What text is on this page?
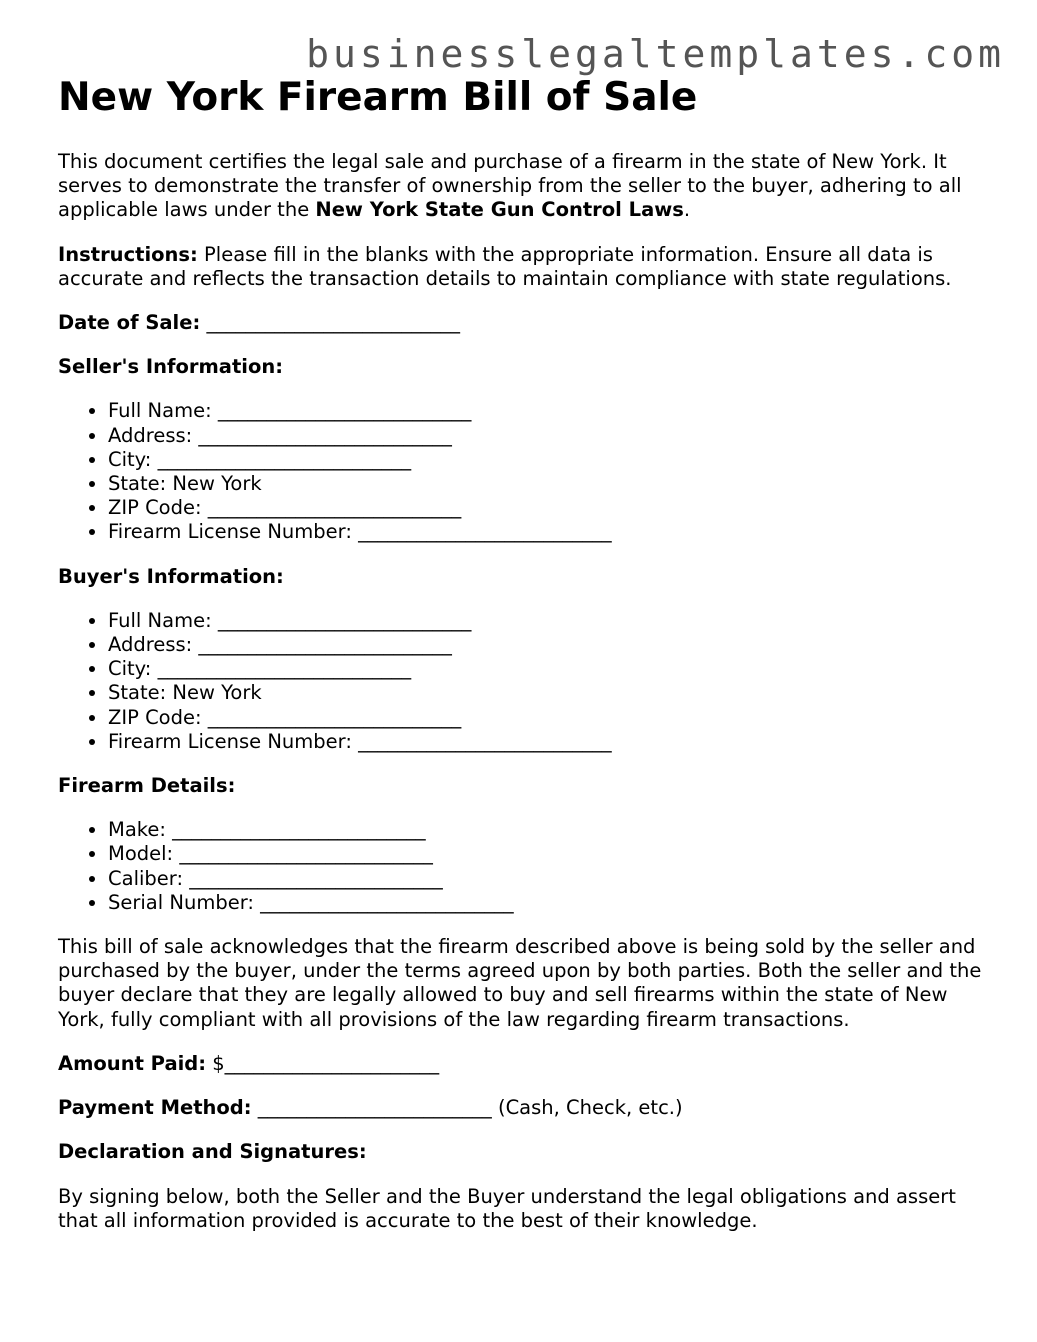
businesslegaltemplates.com
New York Firearm Bill of Sale

This document certifies the legal sale and purchase of a firearm in the state of New York. It serves to demonstrate the transfer of ownership from the seller to the buyer, adhering to all applicable laws under the New York State Gun Control Laws.

Instructions: Please fill in the blanks with the appropriate information. Ensure all data is accurate and reflects the transaction details to maintain compliance with state regulations.

Date of Sale: __________________________

Seller's Information:

• Full Name: __________________________
• Address: __________________________
• City: __________________________
• State: New York
• ZIP Code: __________________________
• Firearm License Number: __________________________

Buyer's Information:

• Full Name: __________________________
• Address: __________________________
• City: __________________________
• State: New York
• ZIP Code: __________________________
• Firearm License Number: __________________________

Firearm Details:

• Make: __________________________
• Model: __________________________
• Caliber: __________________________
• Serial Number: __________________________

This bill of sale acknowledges that the firearm described above is being sold by the seller and purchased by the buyer, under the terms agreed upon by both parties. Both the seller and the buyer declare that they are legally allowed to buy and sell firearms within the state of New York, fully compliant with all provisions of the law regarding firearm transactions.

Amount Paid: $______________________

Payment Method: ________________________ (Cash, Check, etc.)

Declaration and Signatures:

By signing below, both the Seller and the Buyer understand the legal obligations and assert that all information provided is accurate to the best of their knowledge.
